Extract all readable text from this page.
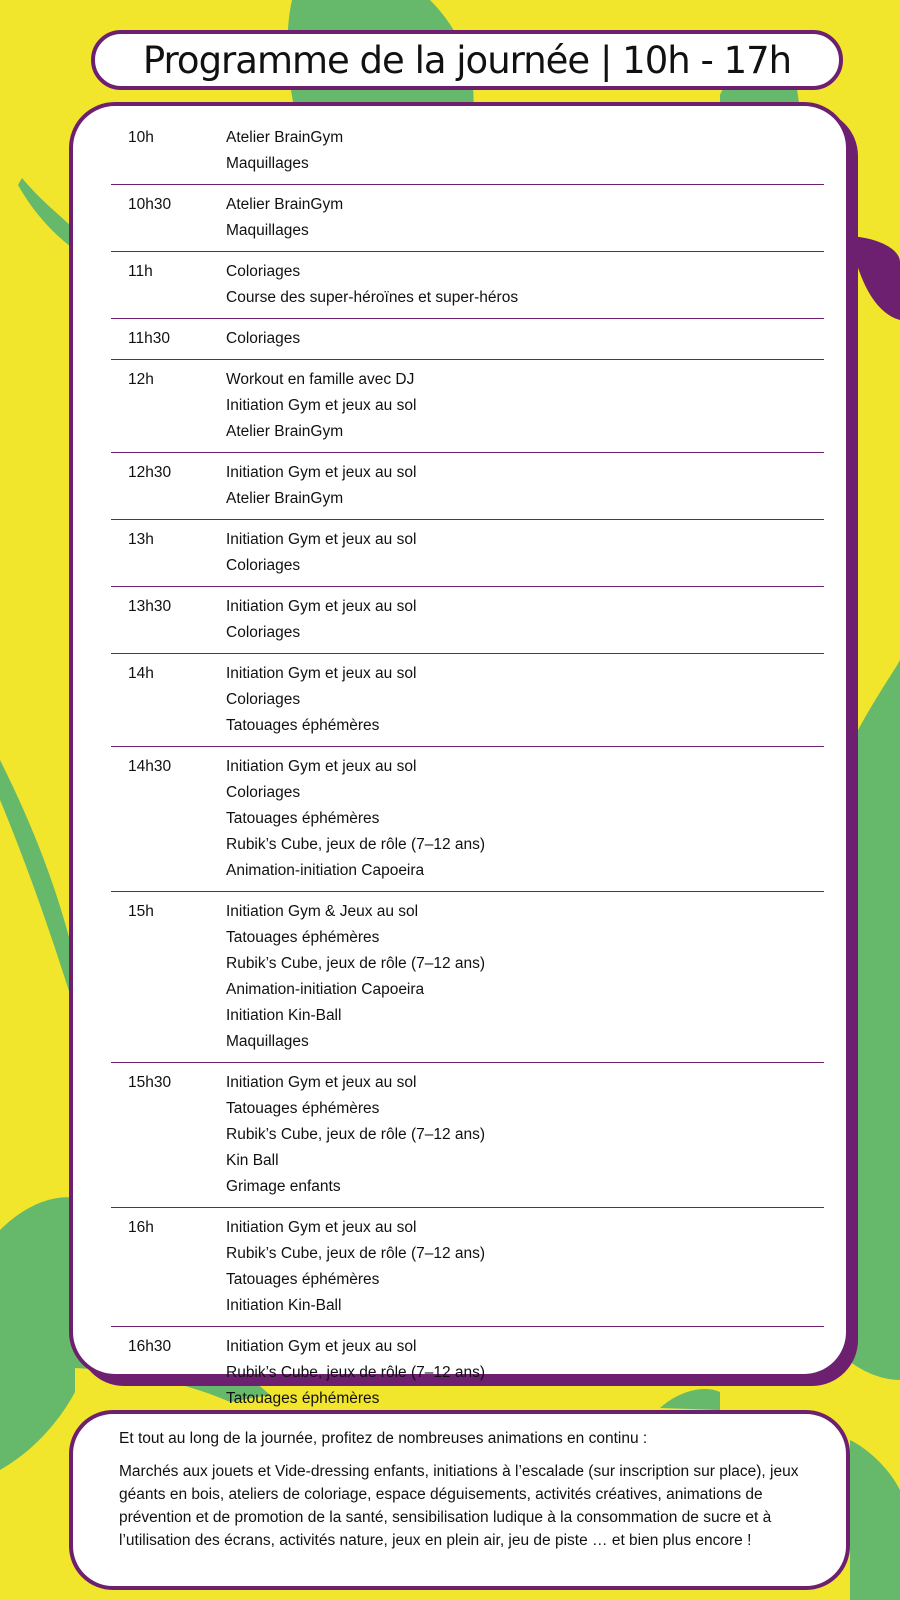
Programme de la journée | 10h - 17h
10h	Atelier BrainGym
Maquillages
10h30	Atelier BrainGym
Maquillages
11h	Coloriages
Course des super-héroïnes et super-héros
11h30	Coloriages
12h	Workout en famille avec DJ
Initiation Gym et jeux au sol
Atelier BrainGym
12h30	Initiation Gym et jeux au sol
Atelier BrainGym
13h	Initiation Gym et jeux au sol
Coloriages
13h30	Initiation Gym et jeux au sol
Coloriages
14h	Initiation Gym et jeux au sol
Coloriages
Tatouages éphémères
14h30	Initiation Gym et jeux au sol
Coloriages
Tatouages éphémères
Rubik’s Cube, jeux de rôle (7–12 ans)
Animation-initiation Capoeira
15h	Initiation Gym & Jeux au sol
Tatouages éphémères
Rubik’s Cube, jeux de rôle (7–12 ans)
Animation-initiation Capoeira
Initiation Kin-Ball
Maquillages
15h30	Initiation Gym et jeux au sol
Tatouages éphémères
Rubik’s Cube, jeux de rôle (7–12 ans)
Kin Ball
Grimage enfants
16h	Initiation Gym et jeux au sol
Rubik’s Cube, jeux de rôle (7–12 ans)
Tatouages éphémères
Initiation Kin-Ball
16h30	Initiation Gym et jeux au sol
Rubik’s Cube, jeux de rôle (7–12 ans)
Tatouages éphémères

Et tout au long de la journée, profitez de nombreuses animations en continu :

Marchés aux jouets et Vide-dressing enfants, initiations à l’escalade (sur inscription sur place), jeux géants en bois, ateliers de coloriage, espace déguisements, activités créatives, animations de prévention et de promotion de la santé, sensibilisation ludique à la consommation de sucre et à l’utilisation des écrans, activités nature, jeux en plein air, jeu de piste … et bien plus encore !
